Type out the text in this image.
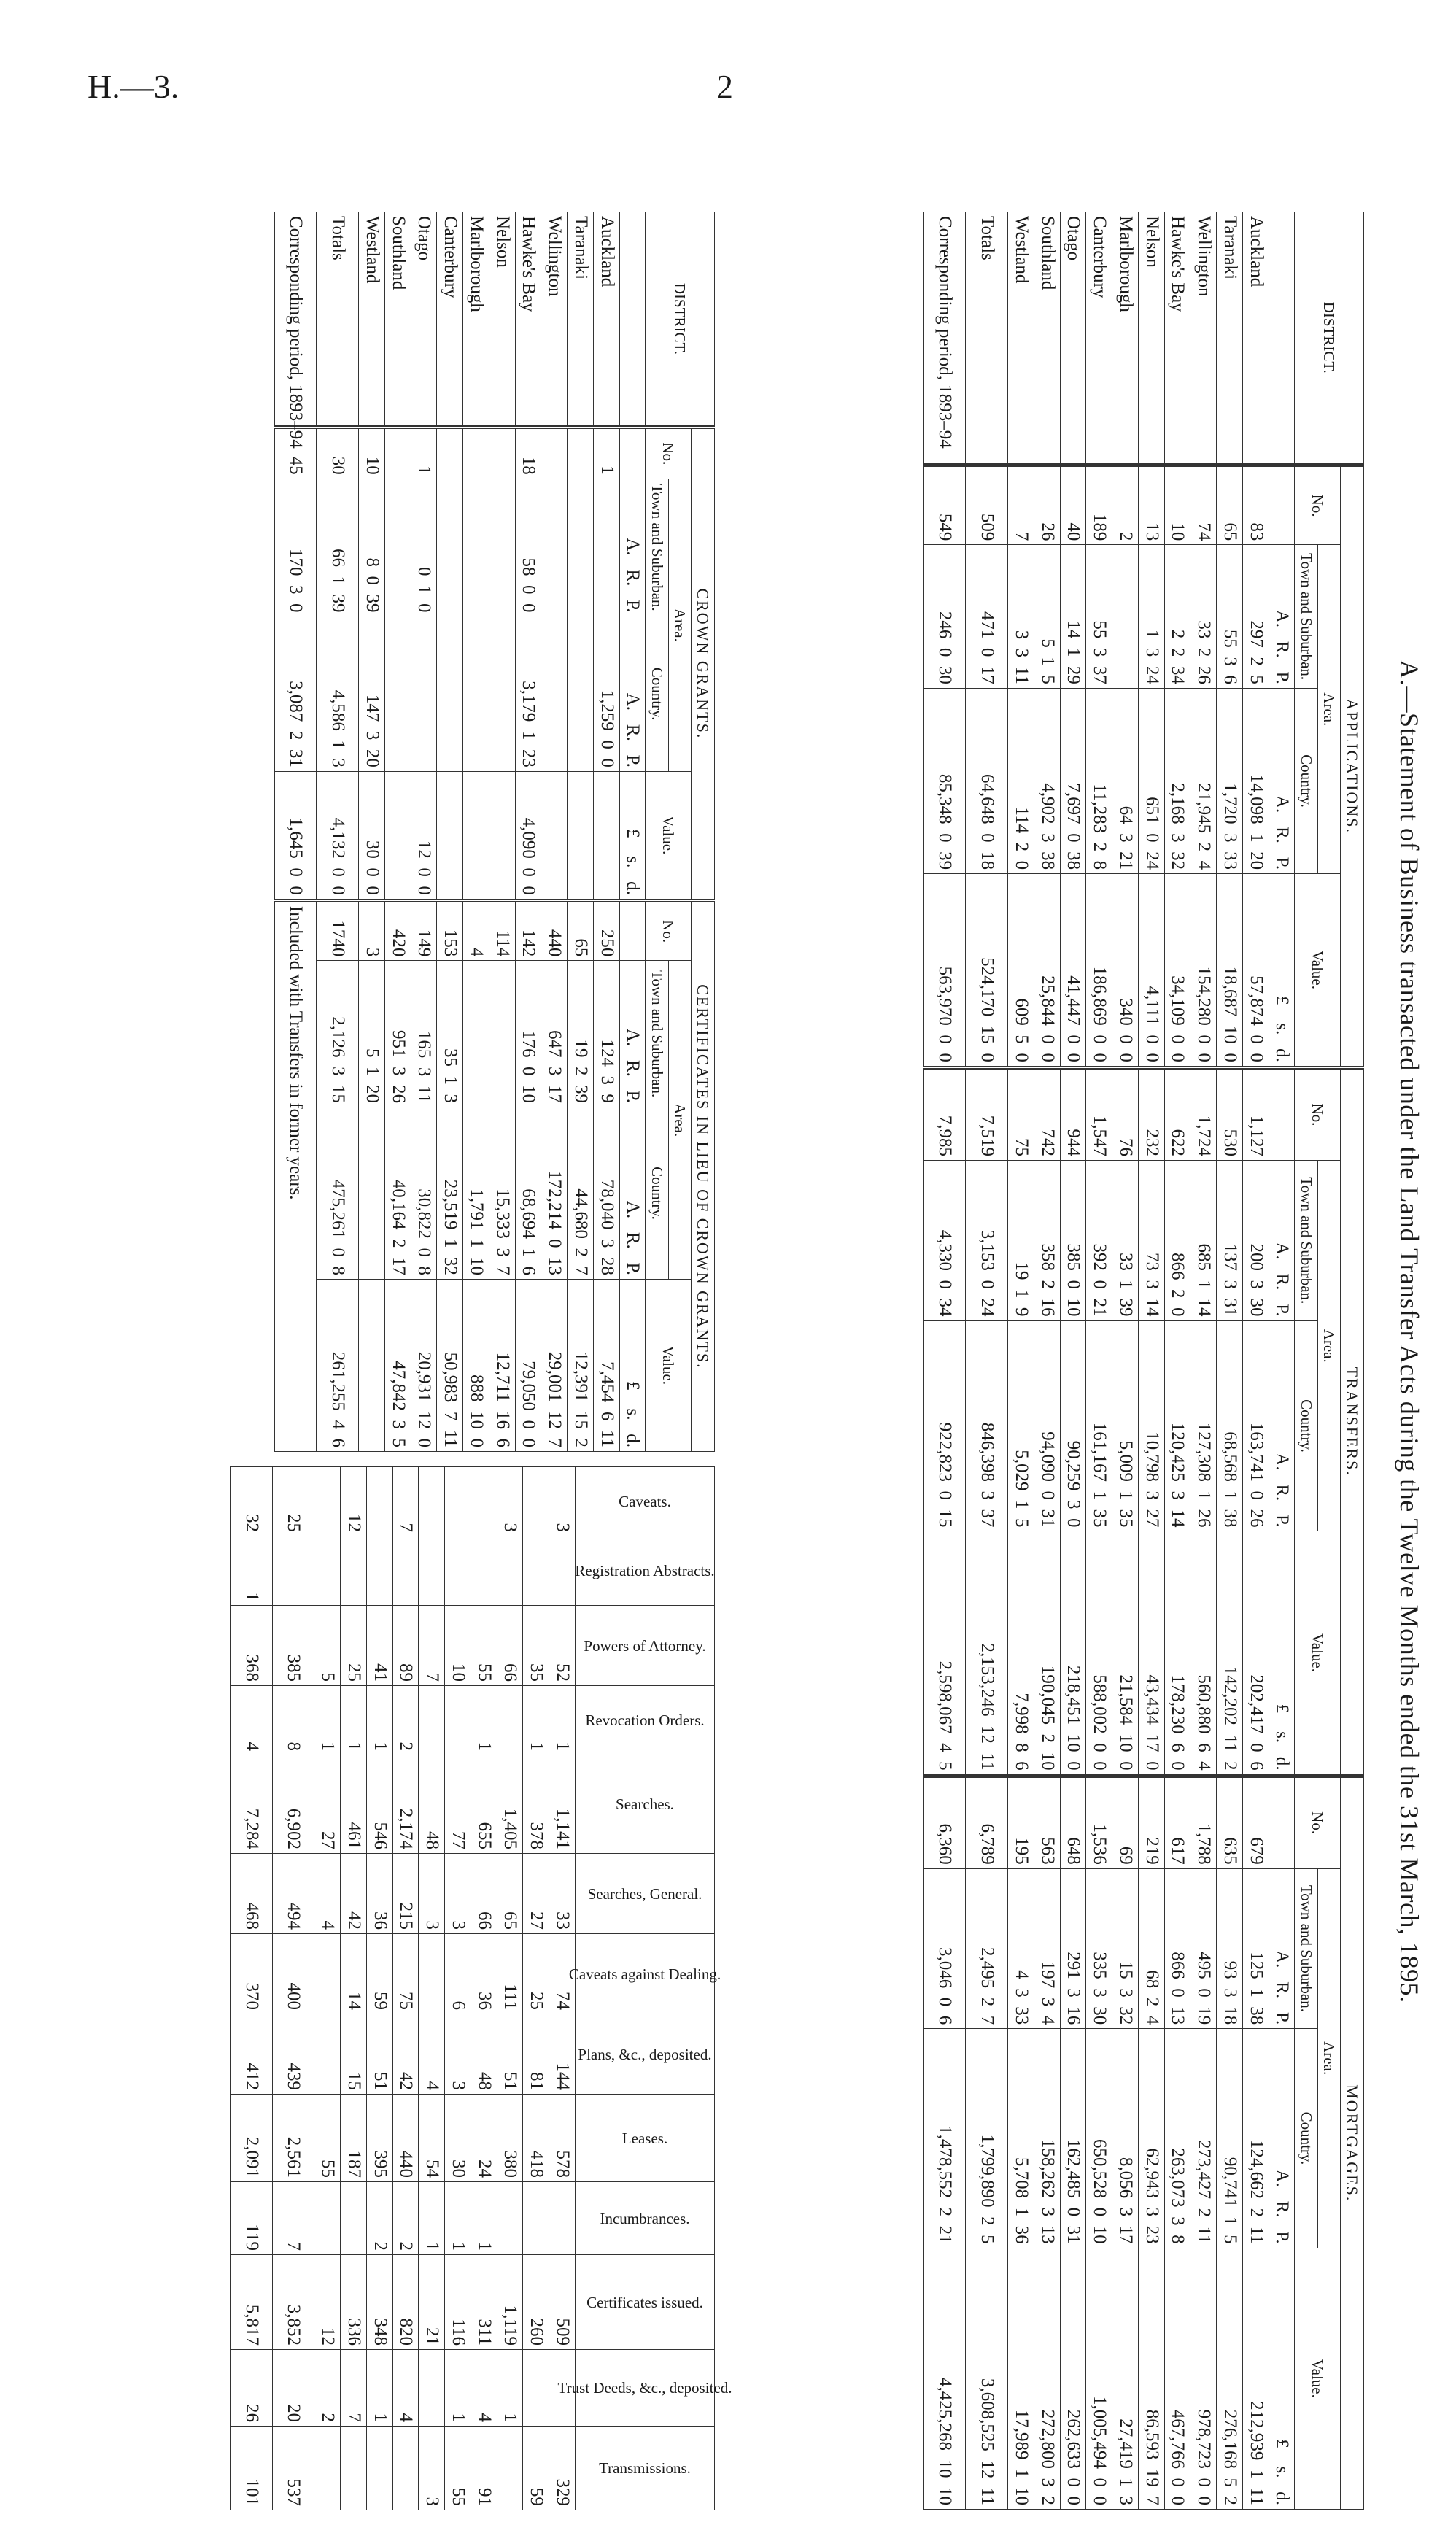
H.—3.	2
A.—Statement of Business transacted under the Land Transfer Acts during the Twelve Months ended the 31st March, 1895.
DISTRICT.	APPLICATIONS.				TRANSFERS.				MORTGAGES.			
	No.	Area.		Value.	No.	Area.		Value.	No.	Area.		Value.
		Town and Suburban.	Country.			Town and Suburban.	Country.			Town and Suburban.	Country.	
		A.   R.   P.	A.   R.   P.	£    s.   d.		A.   R.   P.	A.   R.   P.	£    s.   d.		A.   R.   P.	A.   R.   P.	£    s.   d.
Auckland	83	297  2  5	14,098  1  20	57,874  0  0	1,127	200  3  30	163,741  0  26	202,417  0  6	679	125  1  38	124,662  2  11	212,939  1  11
Taranaki	65	55  3  6	1,720  3  33	18,687  10  0	530	137  3  31	68,568  1  38	142,202  11  2	635	93  3  18	90,741  1  5	276,168  5  2
Wellington	74	33  2  26	21,945  2  4	154,280  0  0	1,724	685  1  14	127,308  1  26	560,880  6  4	1,788	495  0  19	273,427  2  11	978,723  0  0
Hawke's Bay	10	2  2  34	2,168  3  32	34,109  0  0	622	866  2  0	120,425  3  14	178,230  6  0	617	866  0  13	263,073  3  8	467,766  0  0
Nelson	13	1  3  24	651  0  24	4,111  0  0	232	73  3  14	10,798  3  27	43,434  17  0	219	68  2  4	62,943  3  23	86,593  19  7
Marlborough	2		64  3  21	340  0  0	76	33  1  39	5,009  1  35	21,584  10  0	69	15  3  32	8,056  3  17	27,419  1  3
Canterbury	189	55  3  37	11,283  2  8	186,869  0  0	1,547	392  0  21	161,167  1  35	588,002  0  0	1,536	335  3  30	650,528  0  10	1,005,494  0  0
Otago	40	14  1  29	7,697  0  38	41,447  0  0	944	385  0  10	90,259  3  0	218,451  10  0	648	291  3  16	162,485  0  31	262,633  0  0
Southland	26	5  1  5	4,902  3  38	25,844  0  0	742	358  2  16	94,090  0  31	190,045  2  10	563	197  3  4	158,262  3  13	272,800  3  2
Westland	7	3  3  11	114  2  0	609  5  0	75	19  1  9	5,029  1  5	7,998  8  6	195	4  3  33	5,708  1  36	17,989  1  10
Totals	509	471  0  17	64,648  0  18	524,170  15  0	7,519	3,153  0  24	846,398  3  37	2,153,246  12  11	6,789	2,495  2  7	1,799,890  2  5	3,608,525  12  11
Corresponding period, 1893–94	549	246  0  30	85,348  0  39	563,970  0  0	7,985	4,330  0  34	922,823  0  15	2,598,067  4  5	6,360	3,046  0  6	1,478,552  2  21	4,425,268  10  10
DISTRICT.	CROWN GRANTS.				CERTIFICATES IN LIEU OF CROWN GRANTS.			
	No.	Area.		Value.	No.	Area.		Value.
		Town and Suburban.	Country.			Town and Suburban.	Country.	
		A.   R.   P.	A.   R.   P.	£    s.   d.		A.   R.   P.	A.   R.   P.	£    s.   d.
Auckland	1		1,259  0  0		250	124  3  9	78,040  3  28	7,454  6  11
Taranaki					65	19  2  39	44,680  2  7	12,391  15  2
Wellington					440	647  3  17	172,214  0  13	29,001  12  7
Hawke's Bay	18	58  0  0	3,179  1  23	4,090  0  0	142	176  0  10	68,694  1  6	79,050  0  0
Nelson					114		15,333  3  7	12,711  16  6
Marlborough					4		1,791  1  10	888  10  0
Canterbury					153	35  1  3	23,519  1  32	50,983  7  11
Otago	1	0  1  0		12  0  0	149	165  3  11	30,822  0  8	20,931  12  0
Southland					420	951  3  26	40,164  2  17	47,842  3  5
Westland	10	8  0  39	147  3  20	30  0  0	3	5  1  20		
Totals	30	66  1  39	4,586  1  3	4,132  0  0	1740	2,126  3  15	475,261  0  8	261,255  4  6
Corresponding period, 1893–94	45	170  3  0	3,087  2  31	1,645  0  0	Included with Transfers in former years.			
Caveats.	Registration Abstracts.	Powers of Attorney.	Revocation Orders.	Searches.	Searches, General.	Caveats against Dealing.	Plans, &c., deposited.	Leases.	Incumbrances.	Certificates issued.	Trust Deeds, &c., deposited.	Transmissions.

3		52	1	1,141	33	74	144	578		509		329
		35	1	378	27	25	81	418		260		59
3		66		1,405	65	111	51	380		1,119	1	
		55	1	655	66	36	48	24	1	311	4	91
		10		77	3	6	3	30	1	116	1	55
		7		48	3		4	54	1	21		3
7		89	2	2,174	215	75	42	440	2	820	4	
		41	1	546	36	59	51	395	2	348	1	
12		25	1	461	42	14	15	187		336	7	
		5	1	27	4			55		12	2	
25		385	8	6,902	494	400	439	2,561	7	3,852	20	537
32	1	368	4	7,284	468	370	412	2,091	119	5,817	26	101
